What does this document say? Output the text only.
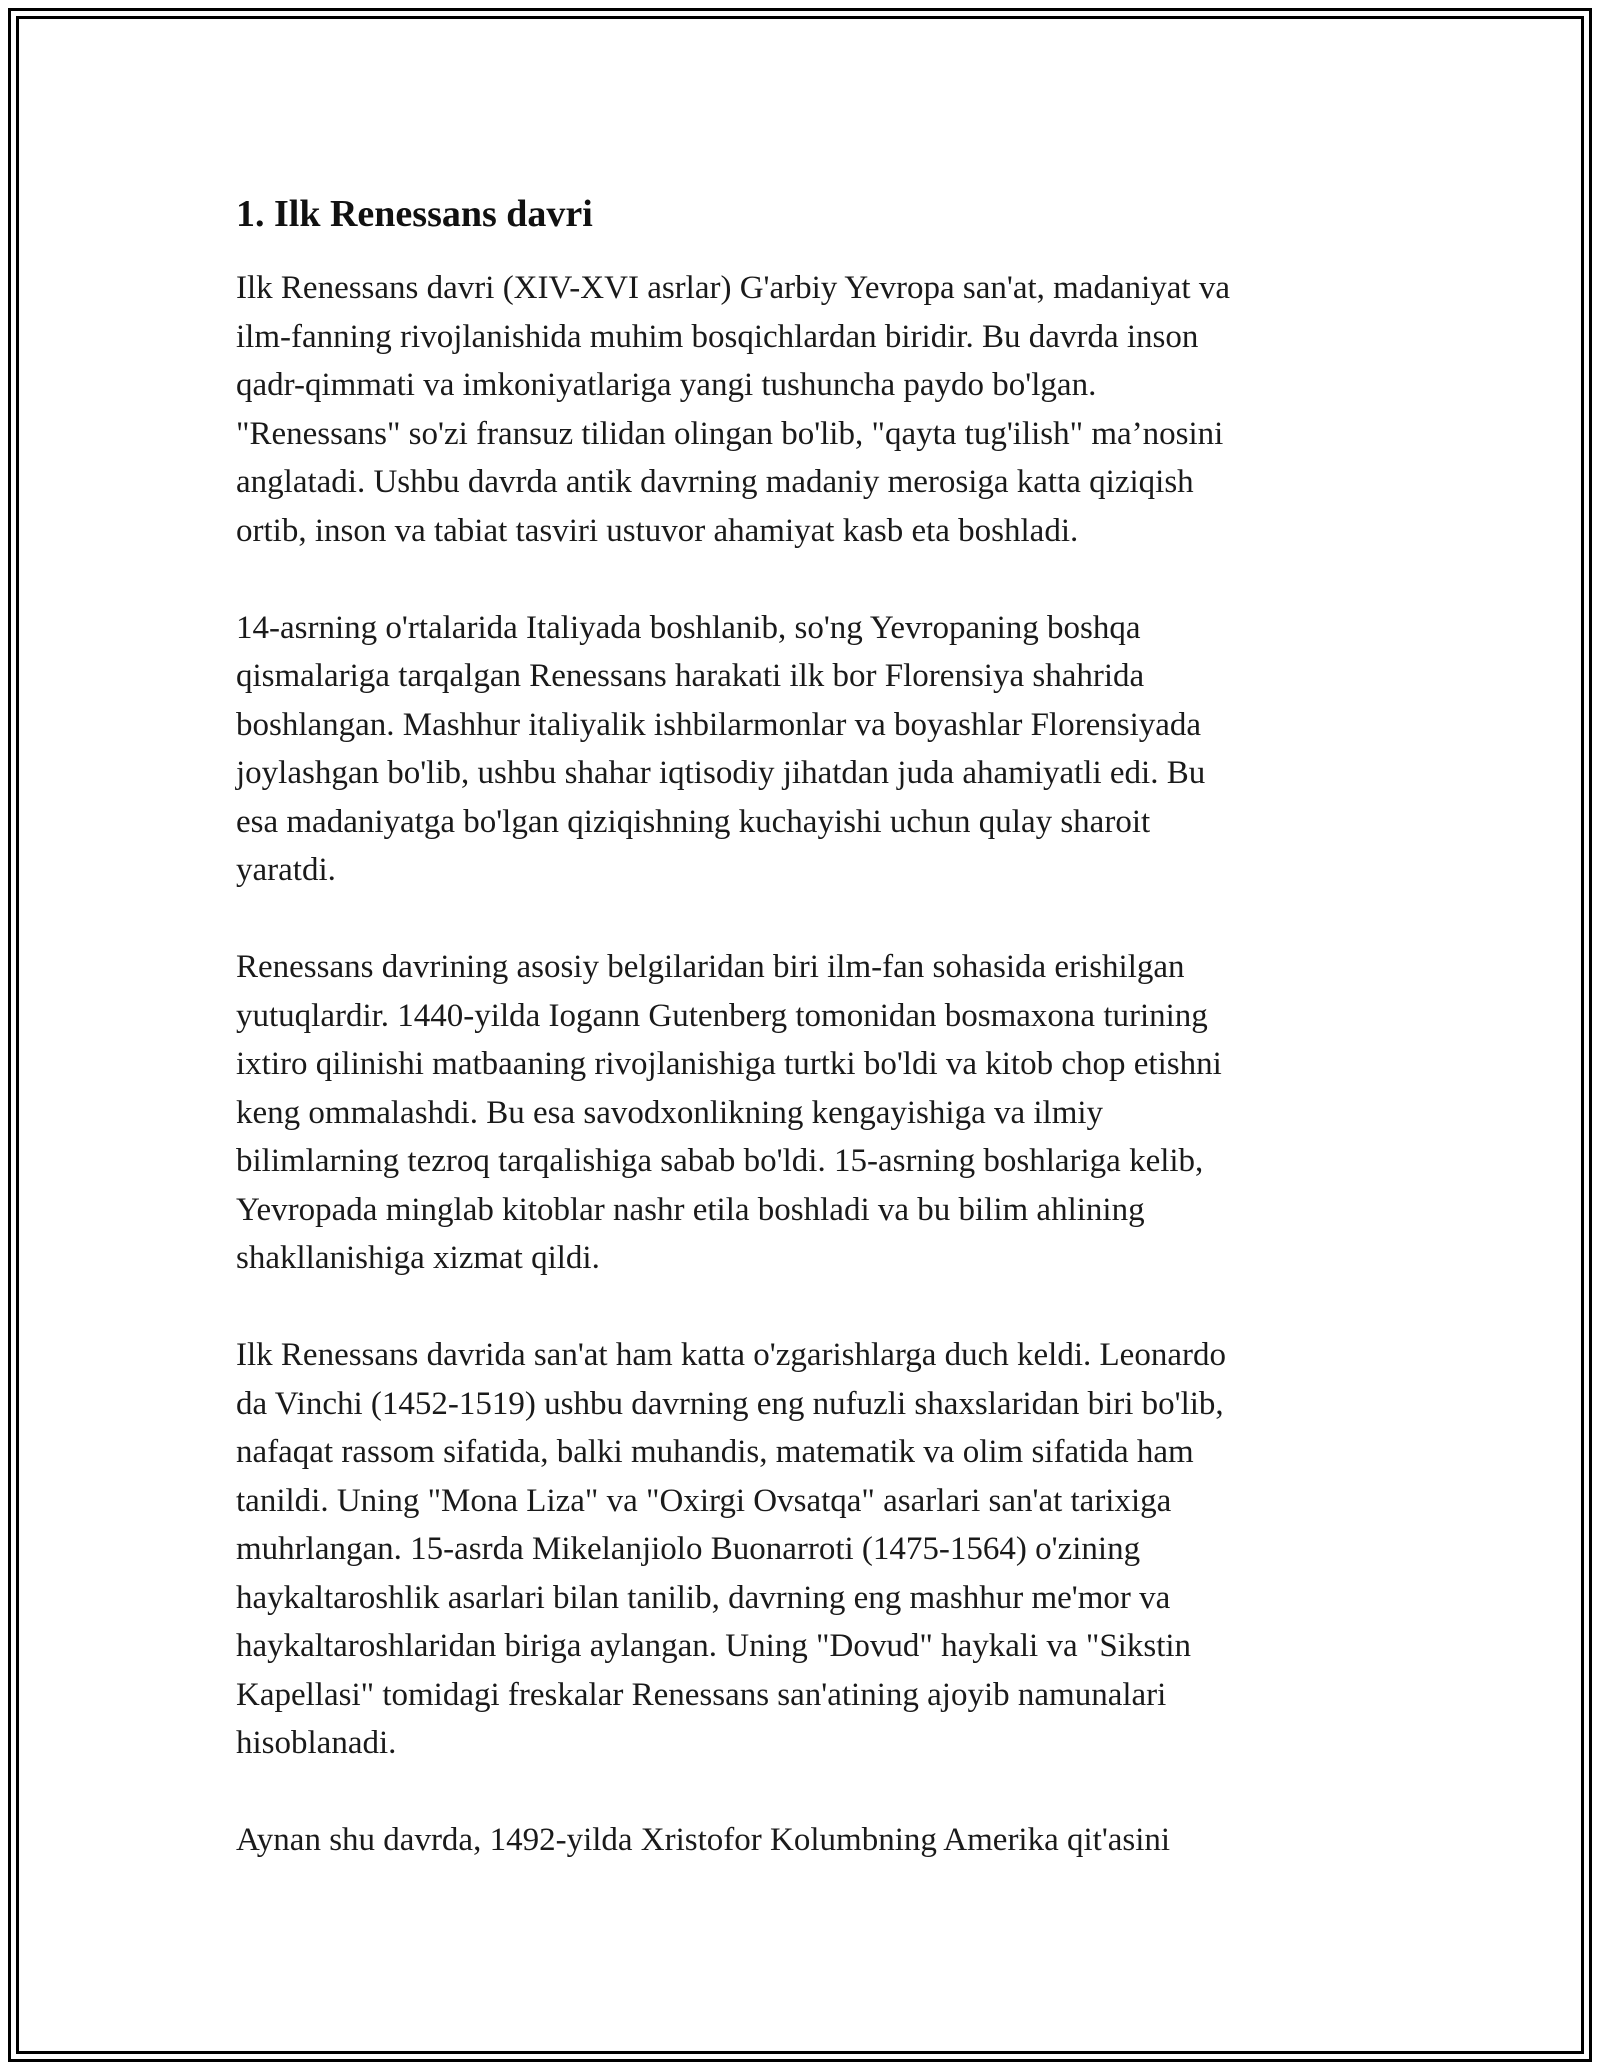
1. Ilk Renessans davri

Ilk Renessans davri (XIV-XVI asrlar) G'arbiy Yevropa san'at, madaniyat va
ilm-fanning rivojlanishida muhim bosqichlardan biridir. Bu davrda inson
qadr-qimmati va imkoniyatlariga yangi tushuncha paydo bo'lgan.
"Renessans" so'zi fransuz tilidan olingan bo'lib, "qayta tug'ilish" ma’nosini
anglatadi. Ushbu davrda antik davrning madaniy merosiga katta qiziqish
ortib, inson va tabiat tasviri ustuvor ahamiyat kasb eta boshladi.

14-asrning o'rtalarida Italiyada boshlanib, so'ng Yevropaning boshqa
qismalariga tarqalgan Renessans harakati ilk bor Florensiya shahrida
boshlangan. Mashhur italiyalik ishbilarmonlar va boyashlar Florensiyada
joylashgan bo'lib, ushbu shahar iqtisodiy jihatdan juda ahamiyatli edi. Bu
esa madaniyatga bo'lgan qiziqishning kuchayishi uchun qulay sharoit
yaratdi.

Renessans davrining asosiy belgilaridan biri ilm-fan sohasida erishilgan
yutuqlardir. 1440-yilda Iogann Gutenberg tomonidan bosmaxona turining
ixtiro qilinishi matbaaning rivojlanishiga turtki bo'ldi va kitob chop etishni
keng ommalashdi. Bu esa savodxonlikning kengayishiga va ilmiy
bilimlarning tezroq tarqalishiga sabab bo'ldi. 15-asrning boshlariga kelib,
Yevropada minglab kitoblar nashr etila boshladi va bu bilim ahlining
shakllanishiga xizmat qildi.

Ilk Renessans davrida san'at ham katta o'zgarishlarga duch keldi. Leonardo
da Vinchi (1452-1519) ushbu davrning eng nufuzli shaxslaridan biri bo'lib,
nafaqat rassom sifatida, balki muhandis, matematik va olim sifatida ham
tanildi. Uning "Mona Liza" va "Oxirgi Ovsatqa" asarlari san'at tarixiga
muhrlangan. 15-asrda Mikelanjiolo Buonarroti (1475-1564) o'zining
haykaltaroshlik asarlari bilan tanilib, davrning eng mashhur me'mor va
haykaltaroshlaridan biriga aylangan. Uning "Dovud" haykali va "Sikstin
Kapellasi" tomidagi freskalar Renessans san'atining ajoyib namunalari
hisoblanadi.

Aynan shu davrda, 1492-yilda Xristofor Kolumbning Amerika qit'asini
